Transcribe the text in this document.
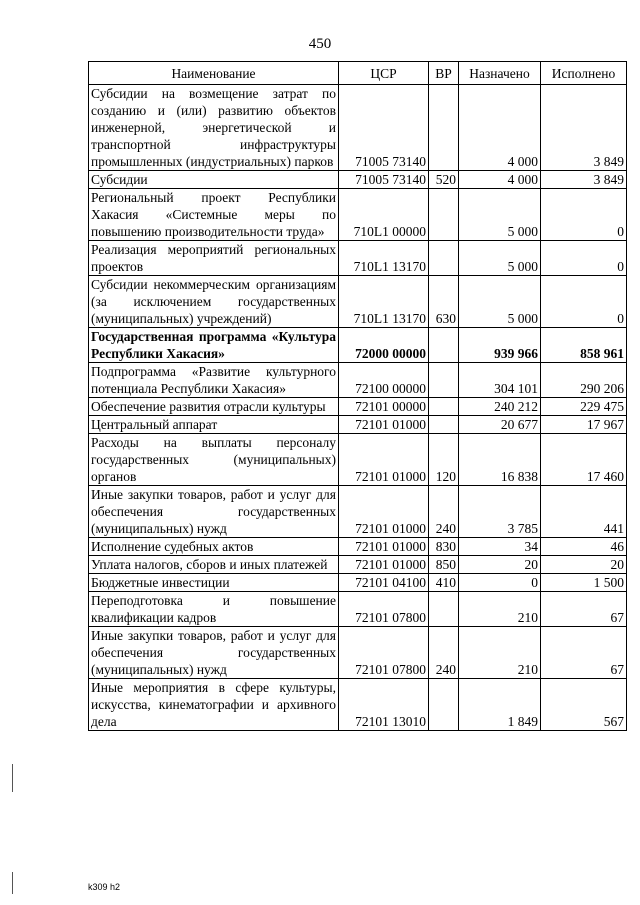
450
Наименование	ЦСР	ВР	Назначено	Исполнено
Субсидии на возмещение затрат по созданию и (или) развитию объектов инженерной, энергетической и транспортной инфраструктуры промышленных (индустриальных) парков	71005 73140		4 000	3 849
Субсидии	71005 73140	520	4 000	3 849
Региональный проект Республики Хакасия «Системные меры по повышению производительности труда»	710L1 00000		5 000	0
Реализация мероприятий региональных проектов	710L1 13170		5 000	0
Субсидии некоммерческим организациям (за исключением государственных (муниципальных) учреждений)	710L1 13170	630	5 000	0
Государственная программа «Культура Республики Хакасия»	72000 00000		939 966	858 961
Подпрограмма «Развитие культурного потенциала Республики Хакасия»	72100 00000		304 101	290 206
Обеспечение развития отрасли культуры	72101 00000		240 212	229 475
Центральный аппарат	72101 01000		20 677	17 967
Расходы на выплаты персоналу государственных (муниципальных) органов	72101 01000	120	16 838	17 460
Иные закупки товаров, работ и услуг для обеспечения государственных (муниципальных) нужд	72101 01000	240	3 785	441
Исполнение судебных актов	72101 01000	830	34	46
Уплата налогов, сборов и иных платежей	72101 01000	850	20	20
Бюджетные инвестиции	72101 04100	410	0	1 500
Переподготовка и повышение квалификации кадров	72101 07800		210	67
Иные закупки товаров, работ и услуг для обеспечения государственных (муниципальных) нужд	72101 07800	240	210	67
Иные мероприятия в сфере культуры, искусства, кинематографии и архивного дела	72101 13010		1 849	567
k309 h2
